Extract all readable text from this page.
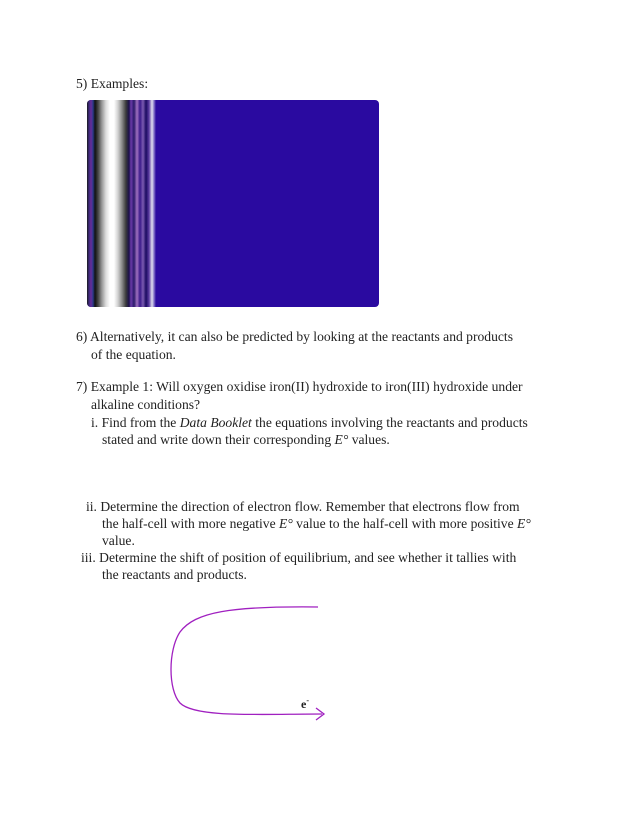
5) Examples:
6) Alternatively, it can also be predicted by looking at the reactants and products
of the equation.
7) Example 1: Will oxygen oxidise iron(II) hydroxide to iron(III) hydroxide under
alkaline conditions?
i. Find from the Data Booklet the equations involving the reactants and products
stated and write down their corresponding E° values.
ii. Determine the direction of electron flow. Remember that electrons flow from
the half-cell with more negative E° value to the half-cell with more positive E°
value.
iii. Determine the shift of position of equilibrium, and see whether it tallies with
the reactants and products.
e-
